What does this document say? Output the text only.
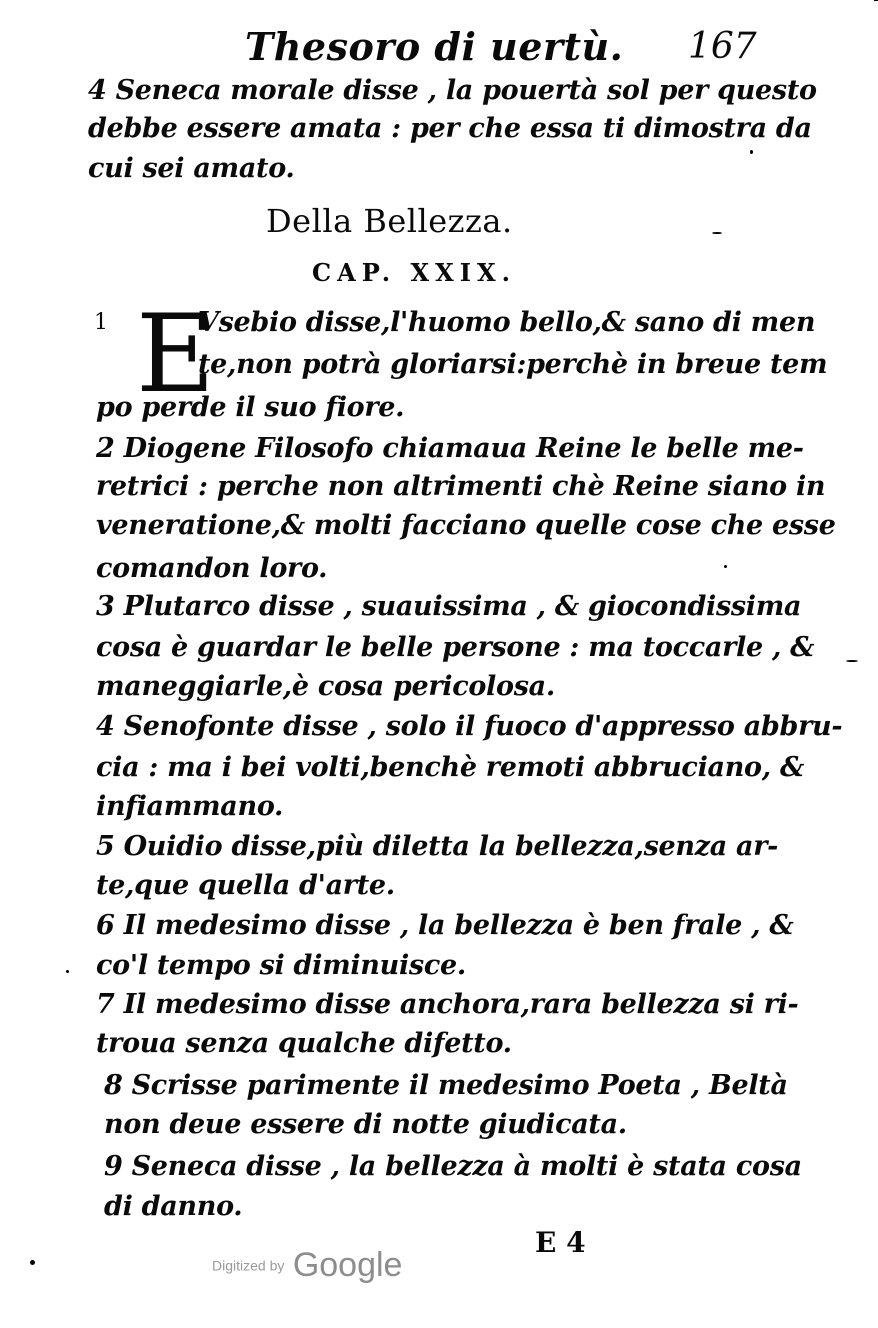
Thesoro di uertù. 167
4 Seneca morale disse , la pouertà sol per questo
debbe essere amata : per che essa ti dimostra da
cui sei amato.
Della Bellezza.
CAP. XXIX.
1 E
Vsebio disse,l'huomo bello,& sano di men
te,non potrà gloriarsi:perchè in breue tem
po perde il suo fiore.
2 Diogene Filosofo chiamaua Reine le belle me-
retrici : perche non altrimenti chè Reine siano in
veneratione,& molti facciano quelle cose che esse
comandon loro.
3 Plutarco disse , suauissima , & giocondissima
cosa è guardar le belle persone : ma toccarle , &
maneggiarle,è cosa pericolosa.
4 Senofonte disse , solo il fuoco d'appresso abbru-
cia : ma i bei volti,benchè remoti abbruciano, &
infiammano.
5 Ouidio disse,più diletta la bellezza,senza ar-
te,que quella d'arte.
6 Il medesimo disse , la bellezza è ben frale , &
co'l tempo si diminuisce.
7 Il medesimo disse anchora,rara bellezza si ri-
troua senza qualche difetto.
8 Scrisse parimente il medesimo Poeta , Beltà
non deue essere di notte giudicata.
9 Seneca disse , la bellezza à molti è stata cosa
di danno.
E 4
Digitized by Google
